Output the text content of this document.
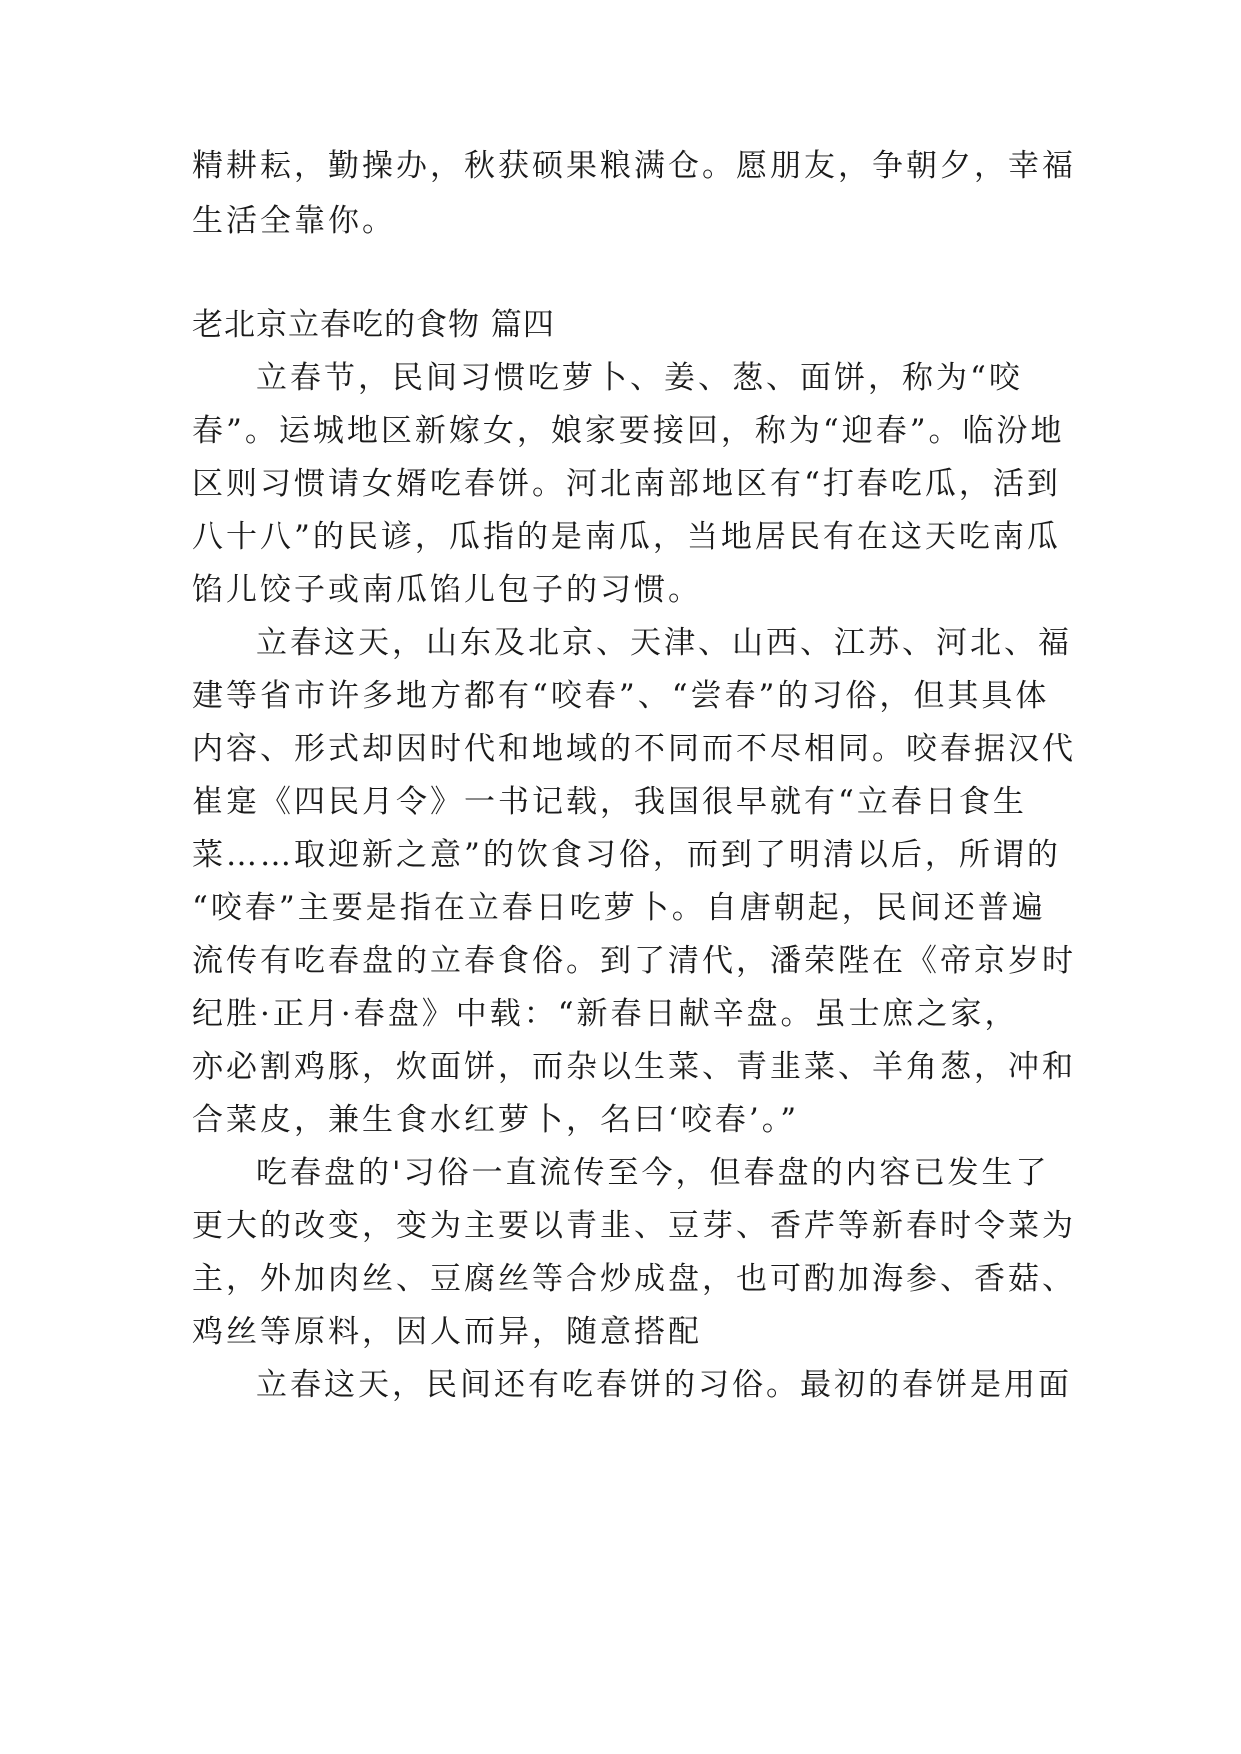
精耕耘，勤操办，秋获硕果粮满仓。愿朋友，争朝夕，幸福
生活全靠你。
老北京立春吃的食物 篇四
立春节，民间习惯吃萝卜、姜、葱、面饼，称为“咬
春”。运城地区新嫁女，娘家要接回，称为“迎春”。临汾地
区则习惯请女婿吃春饼。河北南部地区有“打春吃瓜，活到
八十八”的民谚，瓜指的是南瓜，当地居民有在这天吃南瓜
馅儿饺子或南瓜馅儿包子的习惯。
立春这天，山东及北京、天津、山西、江苏、河北、福
建等省市许多地方都有“咬春”、“尝春”的习俗，但其具体
内容、形式却因时代和地域的不同而不尽相同。咬春据汉代
崔寔《四民月令》一书记载，我国很早就有“立春日食生
菜……取迎新之意”的饮食习俗，而到了明清以后，所谓的
“咬春”主要是指在立春日吃萝卜。自唐朝起，民间还普遍
流传有吃春盘的立春食俗。到了清代，潘荣陛在《帝京岁时
纪胜·正月·春盘》中载：“新春日献辛盘。虽士庶之家，
亦必割鸡豚，炊面饼，而杂以生菜、青韭菜、羊角葱，冲和
合菜皮，兼生食水红萝卜，名曰‘咬春’。”
吃春盘的'习俗一直流传至今，但春盘的内容已发生了
更大的改变，变为主要以青韭、豆芽、香芹等新春时令菜为
主，外加肉丝、豆腐丝等合炒成盘，也可酌加海参、香菇、
鸡丝等原料，因人而异，随意搭配
立春这天，民间还有吃春饼的习俗。最初的春饼是用面
